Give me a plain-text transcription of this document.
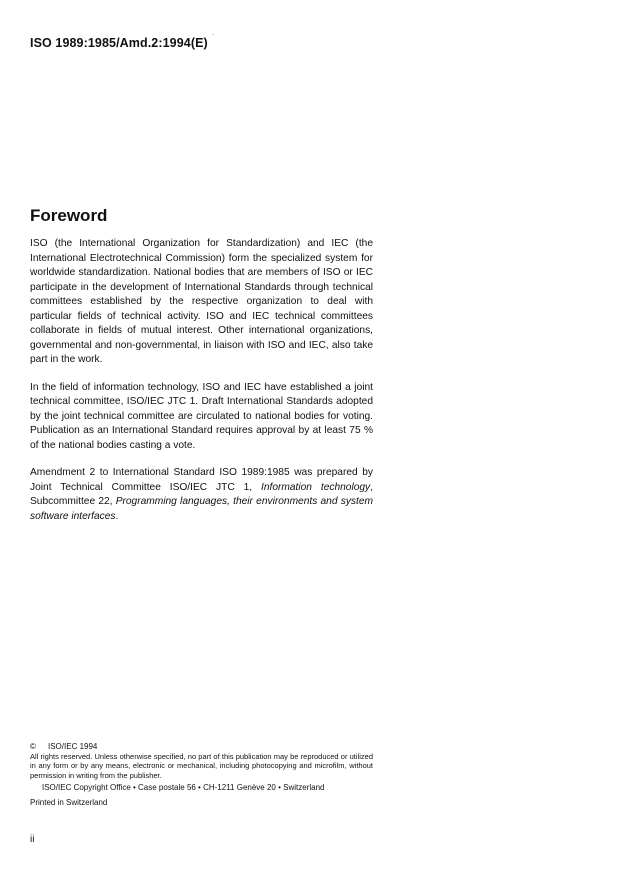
ISO 1989:1985/Amd.2:1994(E)
Foreword

ISO (the International Organization for Standardization) and IEC (the International Electrotechnical Commission) form the specialized system for worldwide standardization. National bodies that are members of ISO or IEC participate in the development of International Standards through technical committees established by the respective organization to deal with particular fields of technical activity. ISO and IEC technical committees collaborate in fields of mutual interest. Other international organizations, governmental and non-governmental, in liaison with ISO and IEC, also take part in the work.

In the field of information technology, ISO and IEC have established a joint technical committee, ISO/IEC JTC 1. Draft International Standards adopted by the joint technical committee are circulated to national bodies for voting. Publication as an International Standard requires approval by at least 75 % of the national bodies casting a vote.

Amendment 2 to International Standard ISO 1989:1985 was prepared by Joint Technical Committee ISO/IEC JTC 1, Information technology, Subcommittee 22, Programming languages, their environments and system software interfaces.

© ISO/IEC 1994

All rights reserved. Unless otherwise specified, no part of this publication may be reproduced or utilized in any form or by any means, electronic or mechanical, including photocopying and microfilm, without permission in writing from the publisher.

ISO/IEC Copyright Office • Case postale 56 • CH-1211 Genève 20 • Switzerland
Printed in Switzerland
ii
